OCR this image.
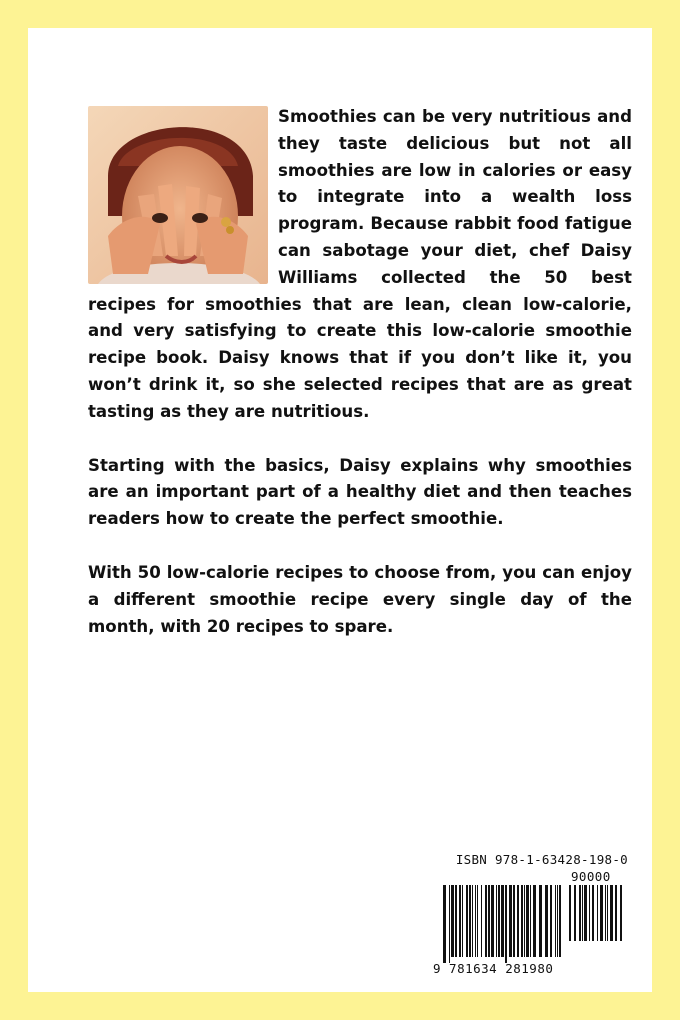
Smoothies can be very nutritious and they taste delicious but not all smoothies are low in calories or easy to integrate into a wealth loss program. Because rabbit food fatigue can sabotage your diet, chef Daisy Williams collected the 50 best recipes for smoothies that are lean, clean low-calorie, and very satisfying to create this low-calorie smoothie recipe book. Daisy knows that if you don’t like it, you won’t drink it, so she selected recipes that are as great tasting as they are nutritious.

Starting with the basics, Daisy explains why smoothies are an important part of a healthy diet and then teaches readers how to create the perfect smoothie.

With 50 low-calorie recipes to choose from, you can enjoy a different smoothie recipe every single day of the month, with 20 recipes to spare.

ISBN 978-1-63428-198-0
90000
9 781634 281980
